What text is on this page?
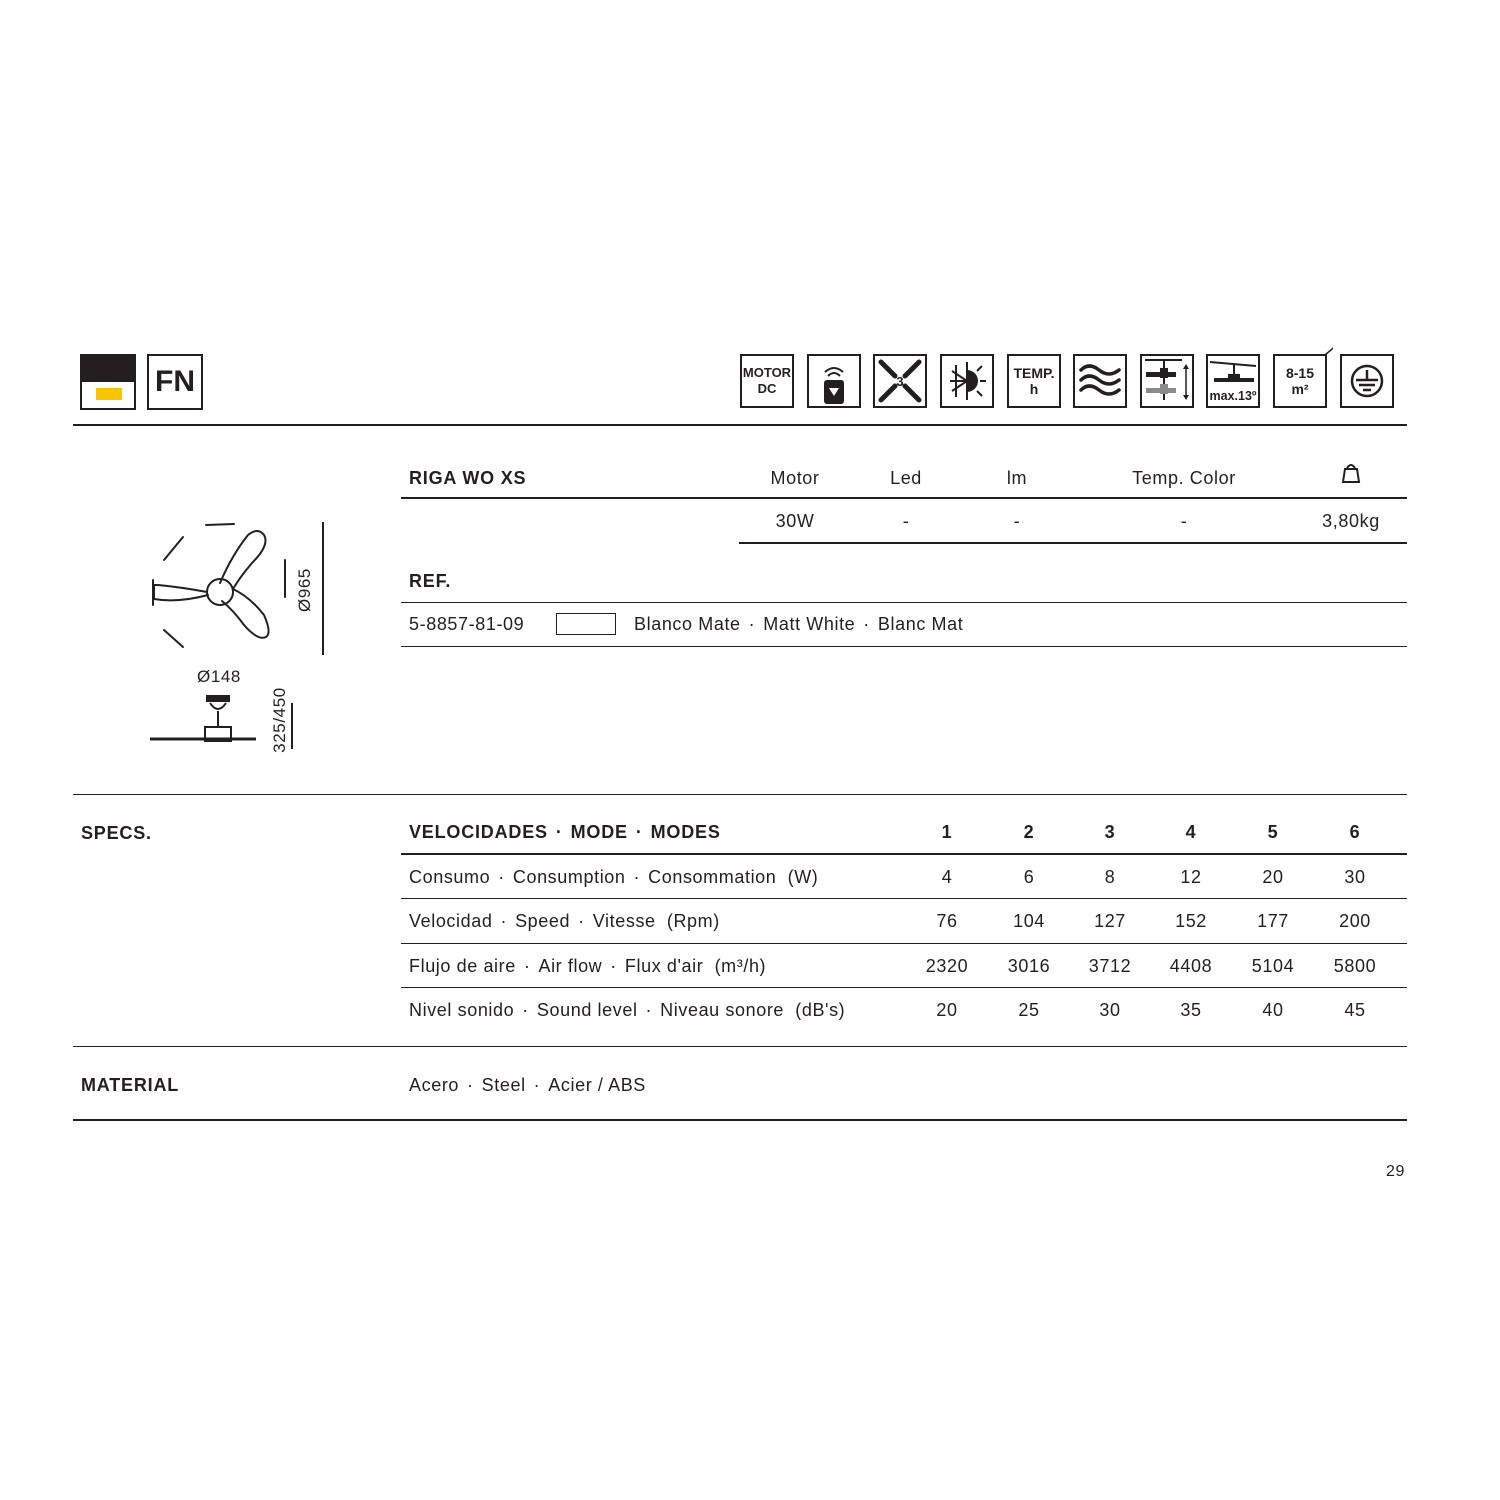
FN	MOTOR
DC	3
TEMP.
h	max.13º
8-15
m²
Ø965
Ø148
325/450
RIGA WO XS	Motor	Led	lm	Temp. Color
30W	-	-	-	3,80kg
REF.
5-8857-81-09	Blanco Mate · Matt White · Blanc Mat
SPECS.	VELOCIDADES · MODE · MODES	1	2	3	4	5	6
Consumo · Consumption · Consommation (W)	4	6	8	12	20	30
Velocidad · Speed · Vitesse (Rpm)	76	104	127	152	177	200
Flujo de aire · Air flow · Flux d'air (m³/h)	2320 3016 3712 4408 5104 5800
Nivel sonido · Sound level · Niveau sonore (dB's)	20	25	30	35	40	45
MATERIAL	Acero · Steel · Acier / ABS
29
